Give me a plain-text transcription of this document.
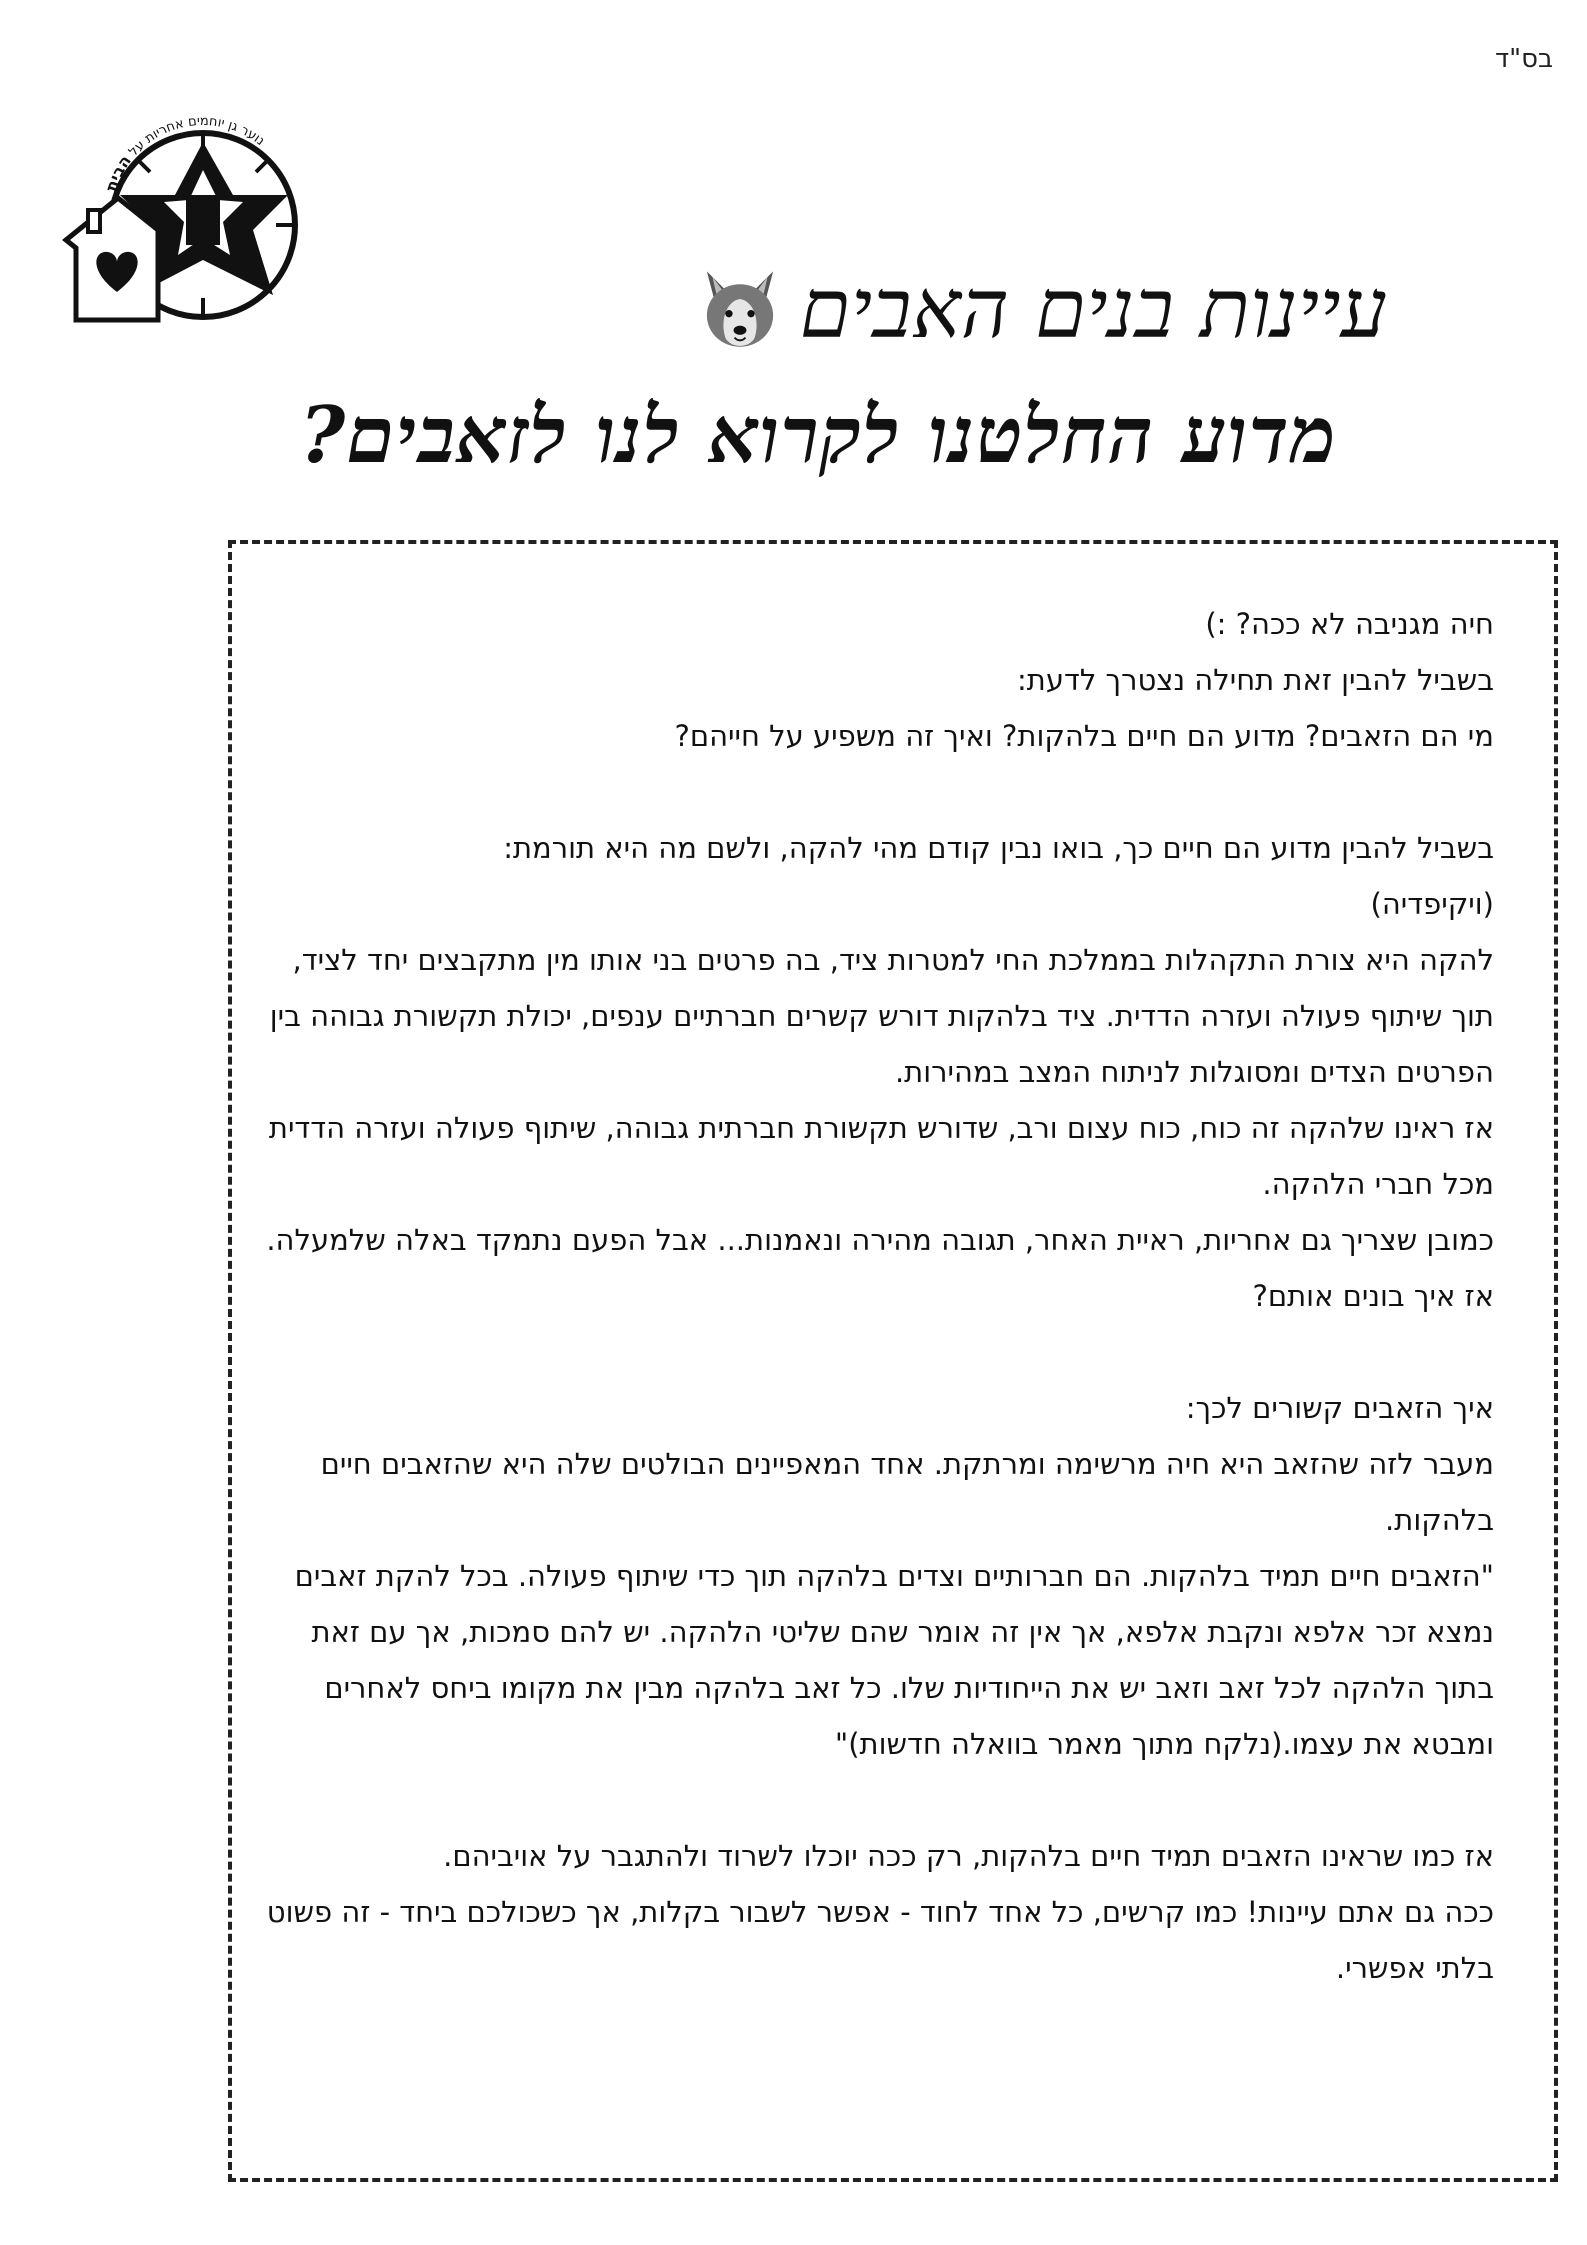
בס"ד
נוער גן יוחמים אחריות על הבית
עיינות בנים האבים
מדוע החלטנו לקרוא לנו לזאבים?

חיה מגניבה לא ככה? :)

בשביל להבין זאת תחילה נצטרך לדעת:

מי הם הזאבים? מדוע הם חיים בלהקות? ואיך זה משפיע על חייהם?

בשביל להבין מדוע הם חיים כך, בואו נבין קודם מהי להקה, ולשם מה היא תורמת:

(ויקיפדיה)

להקה היא צורת התקהלות בממלכת החי למטרות ציד, בה פרטים בני אותו מין מתקבצים יחד לציד, תוך שיתוף פעולה ועזרה הדדית. ציד בלהקות דורש קשרים חברתיים ענפים, יכולת תקשורת גבוהה בין הפרטים הצדים ומסוגלות לניתוח המצב במהירות.

אז ראינו שלהקה זה כוח, כוח עצום ורב, שדורש תקשורת חברתית גבוהה, שיתוף פעולה ועזרה הדדית מכל חברי הלהקה.

כמובן שצריך גם אחריות, ראיית האחר, תגובה מהירה ונאמנות... אבל הפעם נתמקד באלה שלמעלה.

אז איך בונים אותם?

איך הזאבים קשורים לכך:

מעבר לזה שהזאב היא חיה מרשימה ומרתקת. אחד המאפיינים הבולטים שלה היא שהזאבים חיים בלהקות.

"הזאבים חיים תמיד בלהקות. הם חברותיים וצדים בלהקה תוך כדי שיתוף פעולה. בכל להקת זאבים נמצא זכר אלפא ונקבת אלפא, אך אין זה אומר שהם שליטי הלהקה. יש להם סמכות, אך עם זאת בתוך הלהקה לכל זאב וזאב יש את הייחודיות שלו. כל זאב בלהקה מבין את מקומו ביחס לאחרים ומבטא את עצמו.(נלקח מתוך מאמר בוואלה חדשות)"

אז כמו שראינו הזאבים תמיד חיים בלהקות, רק ככה יוכלו לשרוד ולהתגבר על אויביהם.

ככה גם אתם עיינות! כמו קרשים, כל אחד לחוד - אפשר לשבור בקלות, אך כשכולכם ביחד - זה פשוט בלתי אפשרי.
